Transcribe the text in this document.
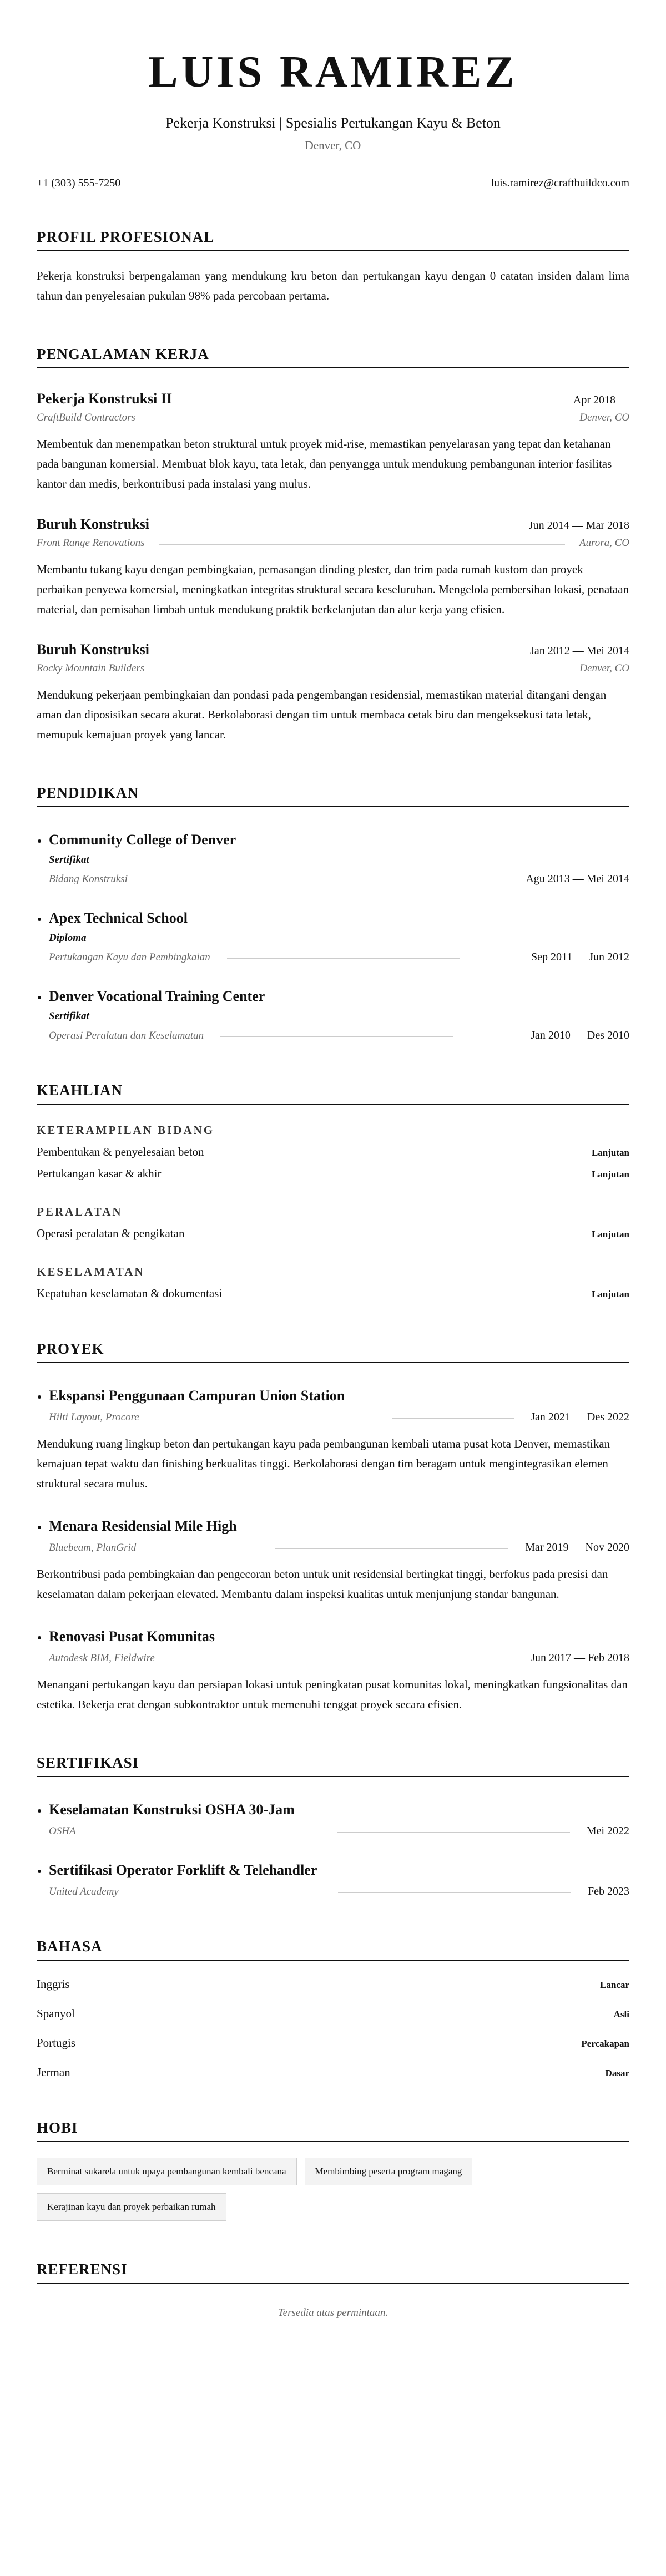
LUIS RAMIREZ
Pekerja Konstruksi | Spesialis Pertukangan Kayu & Beton
Denver, CO
+1 (303) 555-7250	luis.ramirez@craftbuildco.com
PROFIL PROFESIONAL
Pekerja konstruksi berpengalaman yang mendukung kru beton dan pertukangan kayu dengan 0 catatan insiden dalam lima tahun dan penyelesaian pukulan 98% pada percobaan pertama.
PENGALAMAN KERJA
Pekerja Konstruksi II	Apr 2018 —
CraftBuild Contractors	Denver, CO
Membentuk dan menempatkan beton struktural untuk proyek mid-rise, memastikan penyelarasan yang tepat dan ketahanan pada bangunan komersial. Membuat blok kayu, tata letak, dan penyangga untuk mendukung pembangunan interior fasilitas kantor dan medis, berkontribusi pada instalasi yang mulus.
Buruh Konstruksi	Jun 2014 — Mar 2018
Front Range Renovations	Aurora, CO
Membantu tukang kayu dengan pembingkaian, pemasangan dinding plester, dan trim pada rumah kustom dan proyek perbaikan penyewa komersial, meningkatkan integritas struktural secara keseluruhan. Mengelola pembersihan lokasi, penataan material, dan pemisahan limbah untuk mendukung praktik berkelanjutan dan alur kerja yang efisien.
Buruh Konstruksi	Jan 2012 — Mei 2014
Rocky Mountain Builders	Denver, CO
Mendukung pekerjaan pembingkaian dan pondasi pada pengembangan residensial, memastikan material ditangani dengan aman dan diposisikan secara akurat. Berkolaborasi dengan tim untuk membaca cetak biru dan mengeksekusi tata letak, memupuk kemajuan proyek yang lancar.
PENDIDIKAN
Community College of Denver
Sertifikat
Bidang Konstruksi	Agu 2013 — Mei 2014
Apex Technical School
Diploma
Pertukangan Kayu dan Pembingkaian	Sep 2011 — Jun 2012
Denver Vocational Training Center
Sertifikat
Operasi Peralatan dan Keselamatan	Jan 2010 — Des 2010
KEAHLIAN
KETERAMPILAN BIDANG
Pembentukan & penyelesaian beton	Lanjutan
Pertukangan kasar & akhir	Lanjutan
PERALATAN
Operasi peralatan & pengikatan	Lanjutan
KESELAMATAN
Kepatuhan keselamatan & dokumentasi	Lanjutan
PROYEK
Ekspansi Penggunaan Campuran Union Station
Hilti Layout, Procore	Jan 2021 — Des 2022
Mendukung ruang lingkup beton dan pertukangan kayu pada pembangunan kembali utama pusat kota Denver, memastikan kemajuan tepat waktu dan finishing berkualitas tinggi. Berkolaborasi dengan tim beragam untuk mengintegrasikan elemen struktural secara mulus.
Menara Residensial Mile High
Bluebeam, PlanGrid	Mar 2019 — Nov 2020
Berkontribusi pada pembingkaian dan pengecoran beton untuk unit residensial bertingkat tinggi, berfokus pada presisi dan keselamatan dalam pekerjaan elevated. Membantu dalam inspeksi kualitas untuk menjunjung standar bangunan.
Renovasi Pusat Komunitas
Autodesk BIM, Fieldwire	Jun 2017 — Feb 2018
Menangani pertukangan kayu dan persiapan lokasi untuk peningkatan pusat komunitas lokal, meningkatkan fungsionalitas dan estetika. Bekerja erat dengan subkontraktor untuk memenuhi tenggat proyek secara efisien.
SERTIFIKASI
Keselamatan Konstruksi OSHA 30-Jam
OSHA	Mei 2022
Sertifikasi Operator Forklift & Telehandler
United Academy	Feb 2023
BAHASA
Inggris	Lancar
Spanyol	Asli
Portugis	Percakapan
Jerman	Dasar
HOBI
Berminat sukarela untuk upaya pembangunan kembali bencana	Membimbing peserta program magang
Kerajinan kayu dan proyek perbaikan rumah
REFERENSI
Tersedia atas permintaan.
